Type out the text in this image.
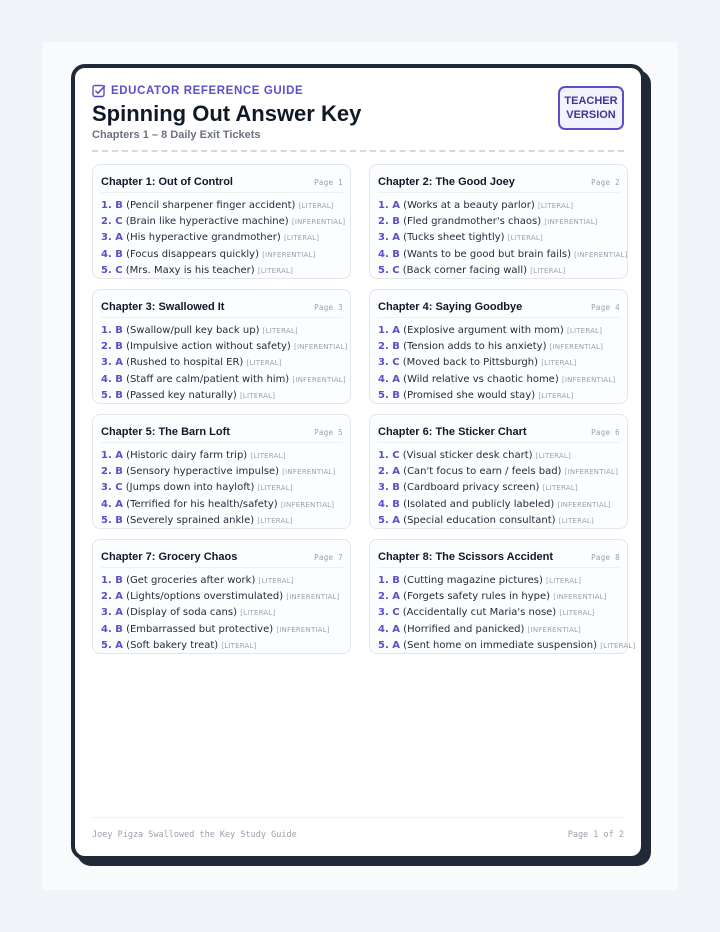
EDUCATOR REFERENCE GUIDE
Spinning Out Answer Key
Chapters 1 – 8 Daily Exit Tickets
TEACHER
VERSION
Chapter 1: Out of Control	Page 1
1. B (Pencil sharpener finger accident) [LITERAL]
2. C (Brain like hyperactive machine) [INFERENTIAL]
3. A (His hyperactive grandmother) [LITERAL]
4. B (Focus disappears quickly) [INFERENTIAL]
5. C (Mrs. Maxy is his teacher) [LITERAL]
Chapter 2: The Good Joey	Page 2
1. A (Works at a beauty parlor) [LITERAL]
2. B (Fled grandmother's chaos) [INFERENTIAL]
3. A (Tucks sheet tightly) [LITERAL]
4. B (Wants to be good but brain fails) [INFERENTIAL]
5. C (Back corner facing wall) [LITERAL]
Chapter 3: Swallowed It	Page 3
1. B (Swallow/pull key back up) [LITERAL]
2. B (Impulsive action without safety) [INFERENTIAL]
3. A (Rushed to hospital ER) [LITERAL]
4. B (Staff are calm/patient with him) [INFERENTIAL]
5. B (Passed key naturally) [LITERAL]
Chapter 4: Saying Goodbye	Page 4
1. A (Explosive argument with mom) [LITERAL]
2. B (Tension adds to his anxiety) [INFERENTIAL]
3. C (Moved back to Pittsburgh) [LITERAL]
4. A (Wild relative vs chaotic home) [INFERENTIAL]
5. B (Promised she would stay) [LITERAL]
Chapter 5: The Barn Loft	Page 5
1. A (Historic dairy farm trip) [LITERAL]
2. B (Sensory hyperactive impulse) [INFERENTIAL]
3. C (Jumps down into hayloft) [LITERAL]
4. A (Terrified for his health/safety) [INFERENTIAL]
5. B (Severely sprained ankle) [LITERAL]
Chapter 6: The Sticker Chart	Page 6
1. C (Visual sticker desk chart) [LITERAL]
2. A (Can't focus to earn / feels bad) [INFERENTIAL]
3. B (Cardboard privacy screen) [LITERAL]
4. B (Isolated and publicly labeled) [INFERENTIAL]
5. A (Special education consultant) [LITERAL]
Chapter 7: Grocery Chaos	Page 7
1. B (Get groceries after work) [LITERAL]
2. A (Lights/options overstimulated) [INFERENTIAL]
3. A (Display of soda cans) [LITERAL]
4. B (Embarrassed but protective) [INFERENTIAL]
5. A (Soft bakery treat) [LITERAL]
Chapter 8: The Scissors Accident	Page 8
1. B (Cutting magazine pictures) [LITERAL]
2. A (Forgets safety rules in hype) [INFERENTIAL]
3. C (Accidentally cut Maria's nose) [LITERAL]
4. A (Horrified and panicked) [INFERENTIAL]
5. A (Sent home on immediate suspension) [LITERAL]
Joey Pigza Swallowed the Key Study Guide	Page 1 of 2
